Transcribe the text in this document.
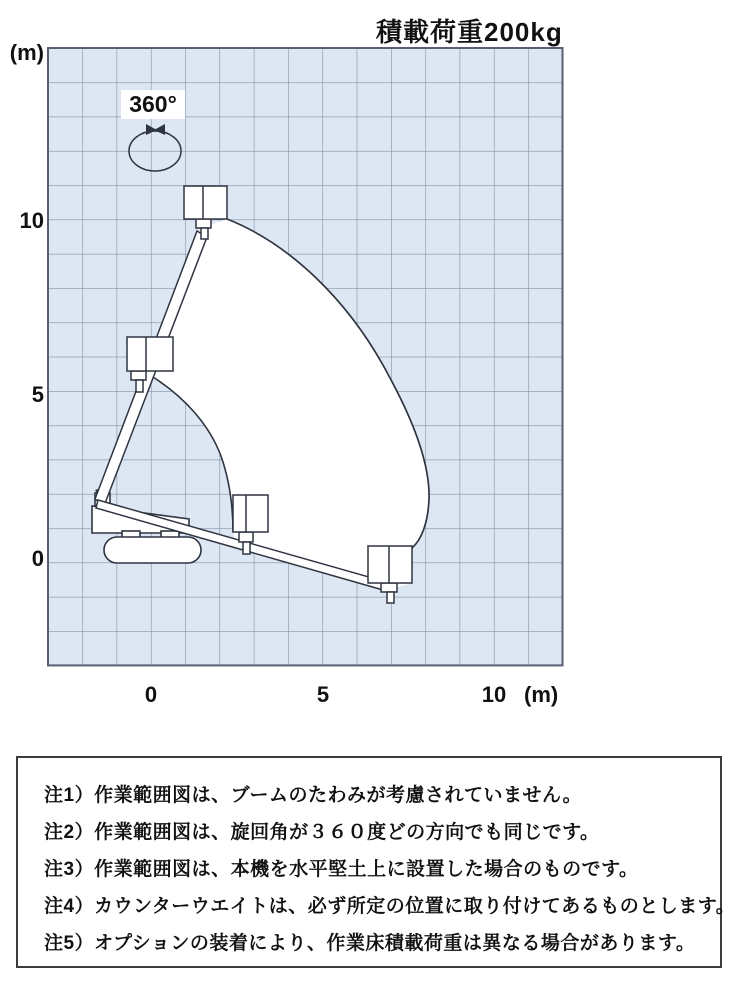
積載荷重200kg
360°
(m)
10
5
0
0	5	10 (m)
注1）作業範囲図は、ブームのたわみが考慮されていません。
注2）作業範囲図は、旋回角が３６０度どの方向でも同じです。
注3）作業範囲図は、本機を水平堅土上に設置した場合のものです。
注4）カウンターウエイトは、必ず所定の位置に取り付けてあるものとします。
注5）オプションの装着により、作業床積載荷重は異なる場合があります。
